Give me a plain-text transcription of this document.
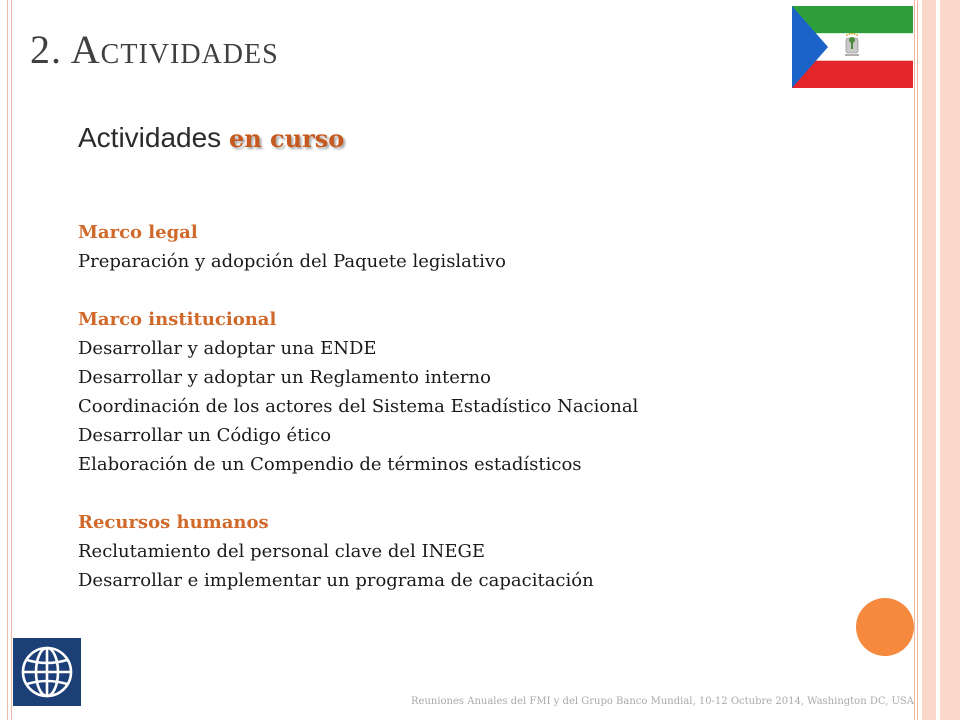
2. Actividades
Actividades en curso
Marco legal
Preparación y adopción del Paquete legislativo
Marco institucional
Desarrollar y adoptar una ENDE
Desarrollar y adoptar un Reglamento interno
Coordinación de los actores del Sistema Estadístico Nacional
Desarrollar un Código ético
Elaboración de un Compendio de términos estadísticos
Recursos humanos
Reclutamiento del personal clave del INEGE
Desarrollar e implementar un programa de capacitación
Reuniones Anuales del FMI y del Grupo Banco Mundial, 10-12 Octubre 2014, Washington DC, USA
